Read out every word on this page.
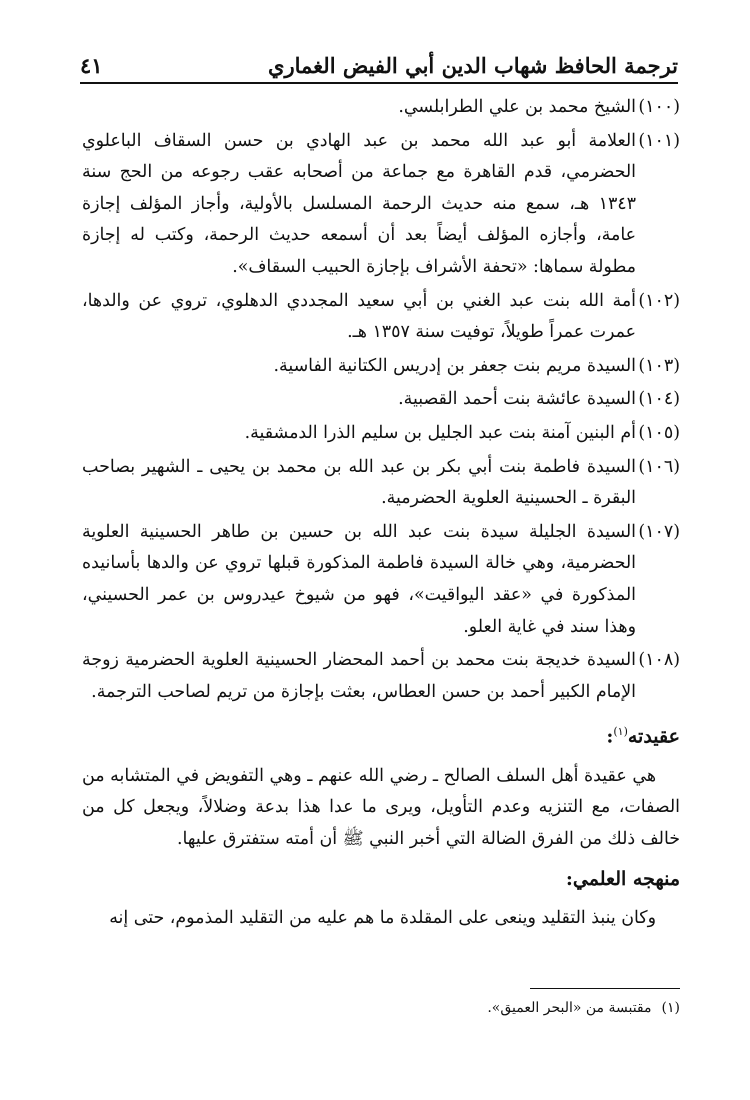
ترجمة الحافظ شهاب الدين أبي الفيض الغماري
٤١

(١٠٠)الشيخ محمد بن علي الطرابلسي.

(١٠١)العلامة أبو عبد الله محمد بن عبد الهادي بن حسن السقاف الباعلوي الحضرمي، قدم القاهرة مع جماعة من أصحابه عقب رجوعه من الحج سنة ١٣٤٣ هـ، سمع منه حديث الرحمة المسلسل بالأولية، وأجاز المؤلف إجازة عامة، وأجازه المؤلف أيضاً بعد أن أسمعه حديث الرحمة، وكتب له إجازة مطولة سماها: «تحفة الأشراف بإجازة الحبيب السقاف».

(١٠٢)أمة الله بنت عبد الغني بن أبي سعيد المجددي الدهلوي، تروي عن والدها، عمرت عمراً طويلاً، توفيت سنة ١٣٥٧ هـ.

(١٠٣)السيدة مريم بنت جعفر بن إدريس الكتانية الفاسية.

(١٠٤)السيدة عائشة بنت أحمد القصبية.

(١٠٥)أم البنين آمنة بنت عبد الجليل بن سليم الذرا الدمشقية.

(١٠٦)السيدة فاطمة بنت أبي بكر بن عبد الله بن محمد بن يحيى ـ الشهير بصاحب البقرة ـ الحسينية العلوية الحضرمية.

(١٠٧)السيدة الجليلة سيدة بنت عبد الله بن حسين بن طاهر الحسينية العلوية الحضرمية، وهي خالة السيدة فاطمة المذكورة قبلها تروي عن والدها بأسانيده المذكورة في «عقد اليواقيت»، فهو من شيوخ عيدروس بن عمر الحسيني، وهذا سند في غاية العلو.

(١٠٨)السيدة خديجة بنت محمد بن أحمد المحضار الحسينية العلوية الحضرمية زوجة الإمام الكبير أحمد بن حسن العطاس، بعثت بإجازة من تريم لصاحب الترجمة.

عقيدته$^{(١)}$:

هي عقيدة أهل السلف الصالح ـ رضي الله عنهم ـ وهي التفويض في المتشابه من الصفات، مع التنزيه وعدم التأويل، ويرى ما عدا هذا بدعة وضلالاً، ويجعل كل من خالف ذلك من الفرق الضالة التي أخبر النبي ﷺ أن أمته ستفترق عليها.

منهجه العلمي:

وكان ينبذ التقليد وينعى على المقلدة ما هم عليه من التقليد المذموم، حتى إنه

(١)مقتبسة من «البحر العميق».
